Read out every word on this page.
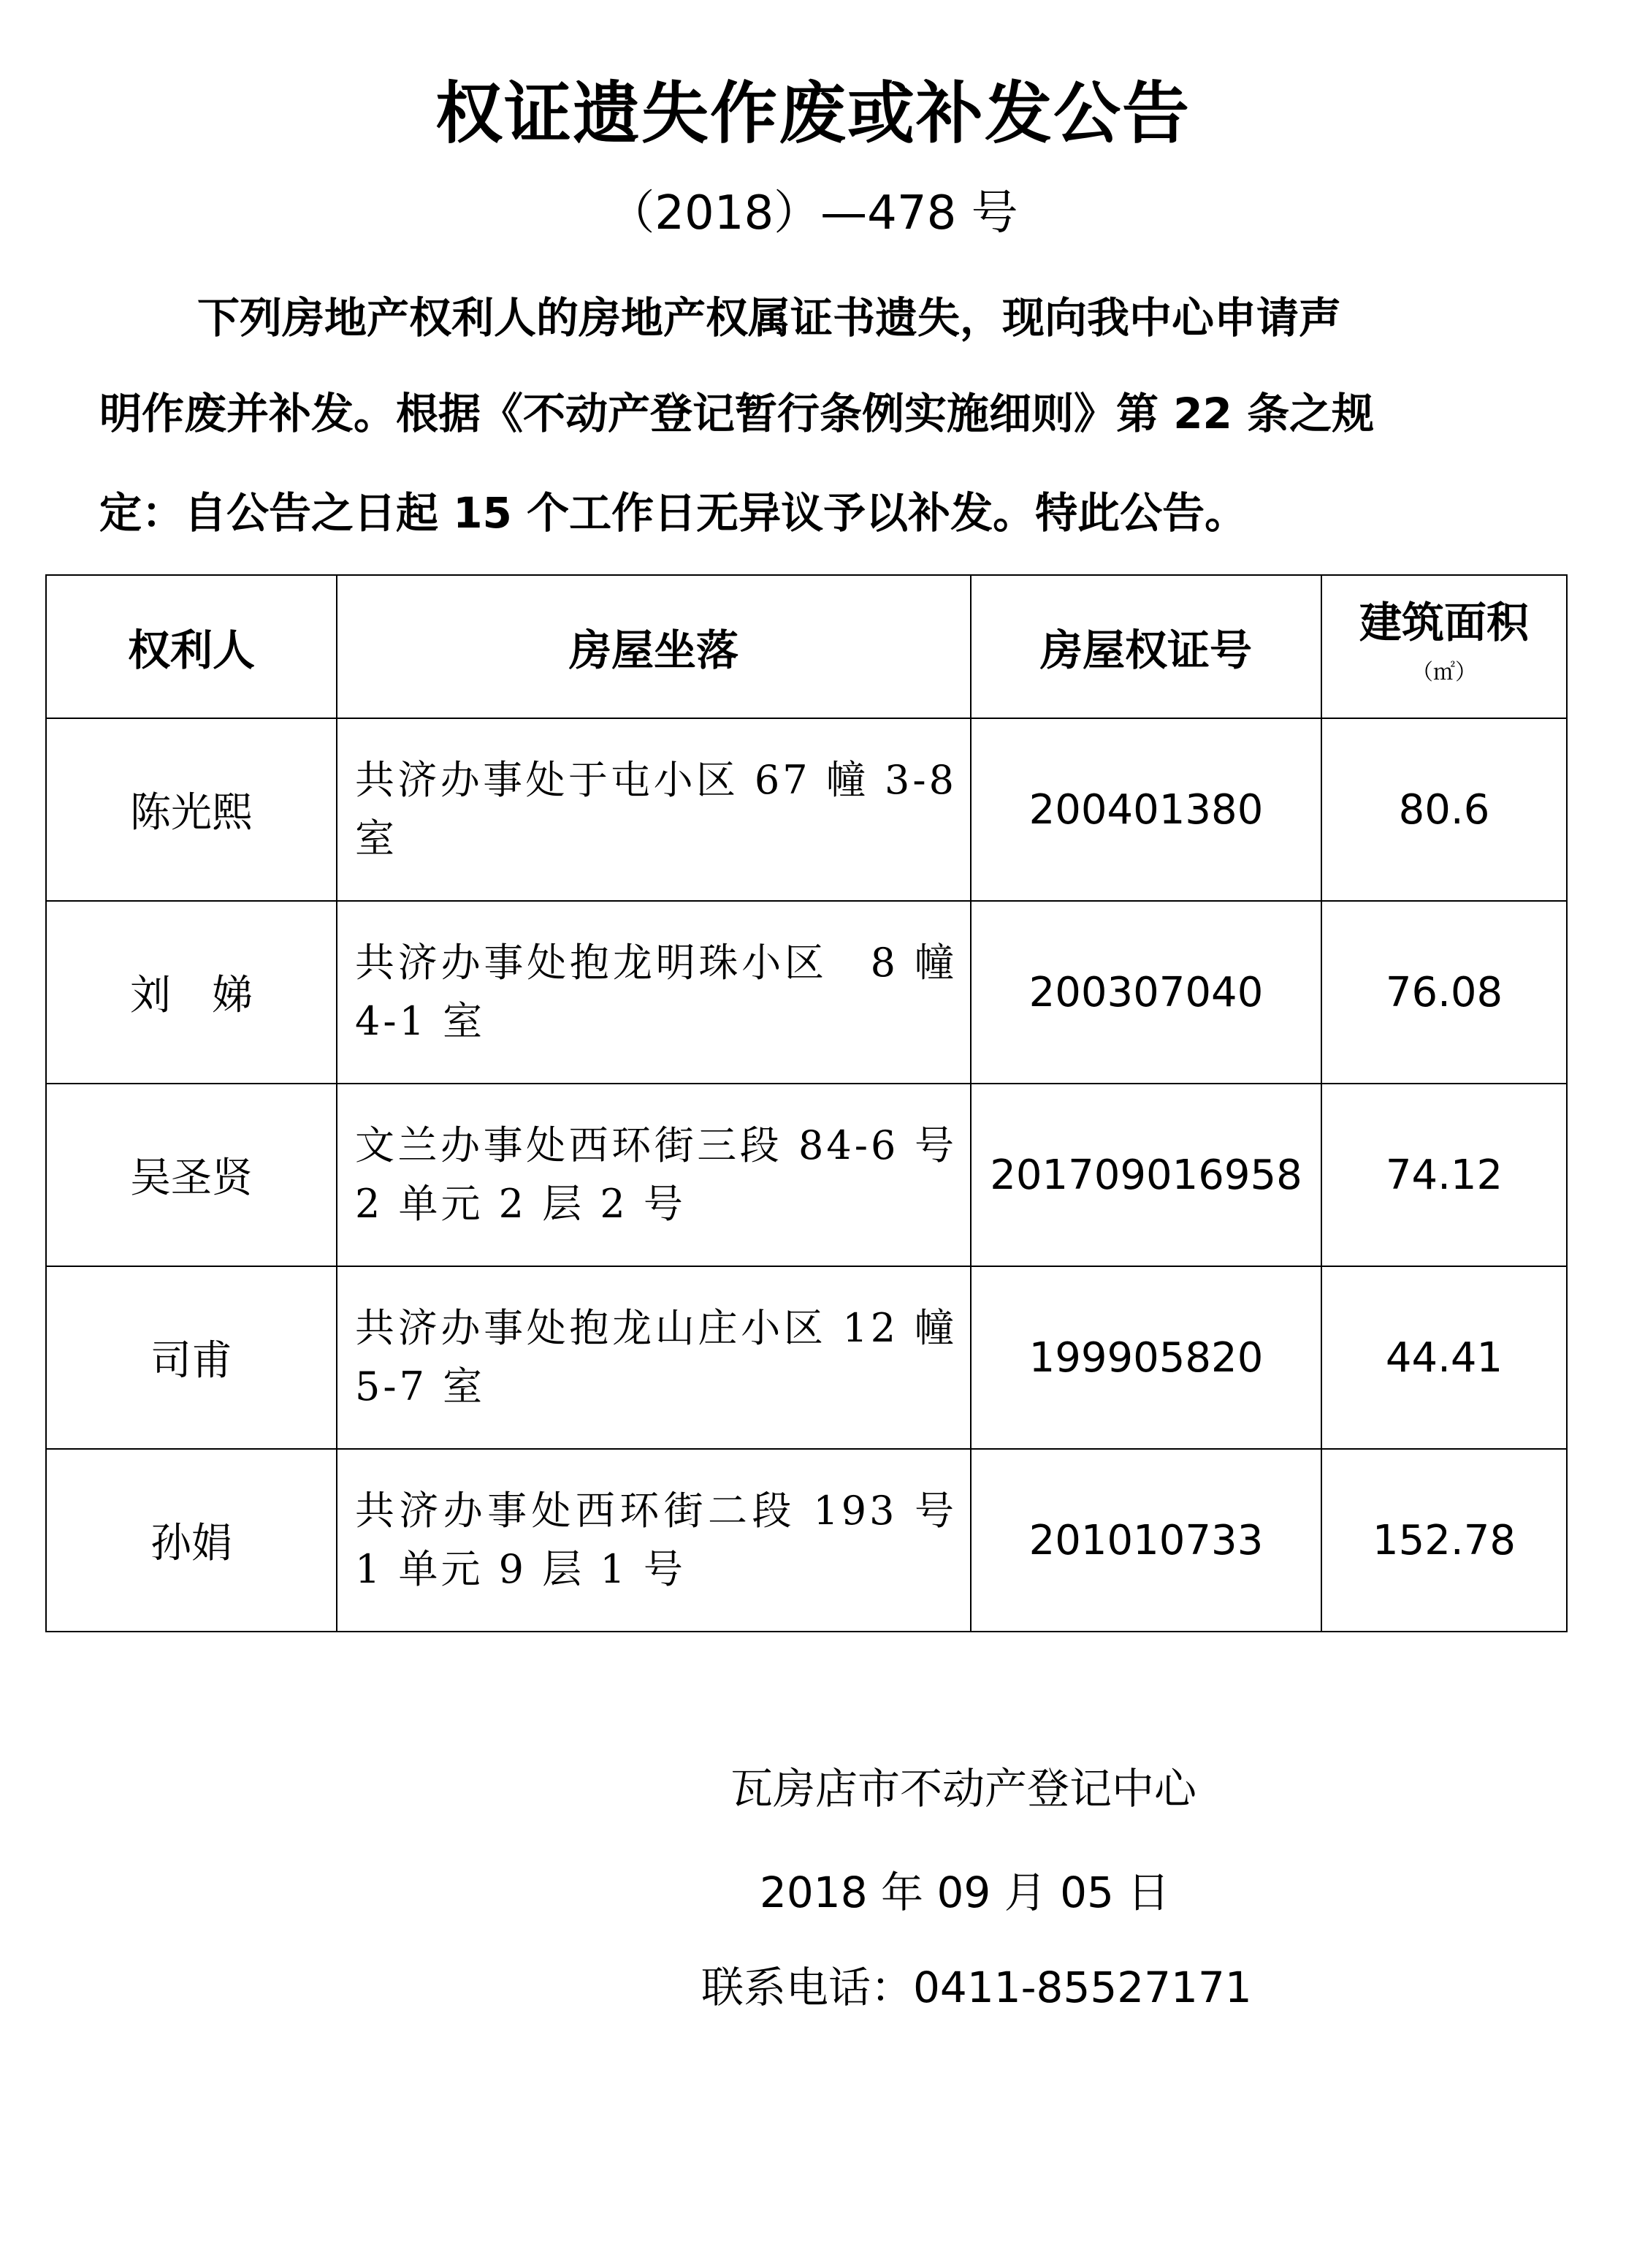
权证遗失作废或补发公告
（2018）—478 号
下列房地产权利人的房地产权属证书遗失，现向我中心申请声
明作废并补发。根据《不动产登记暂行条例实施细则》第 22 条之规
定：自公告之日起 15 个工作日无异议予以补发。特此公告。
权利人	房屋坐落	房屋权证号	建筑面积
（㎡）

陈光熙	共济办事处于屯小区 67 幢 3-8 室	200401380	80.6
刘　娣	共济办事处抱龙明珠小区　8 幢 4-1 室	200307040	76.08
吴圣贤	文兰办事处西环街三段 84-6 号 2 单元 2 层 2 号	201709016958	74.12
司甫	共济办事处抱龙山庄小区 12 幢 5-7 室	199905820	44.41
孙娟	共济办事处西环街二段 193 号 1 单元 9 层 1 号	201010733	152.78
瓦房店市不动产登记中心
2018 年 09 月 05 日
联系电话：0411-85527171
